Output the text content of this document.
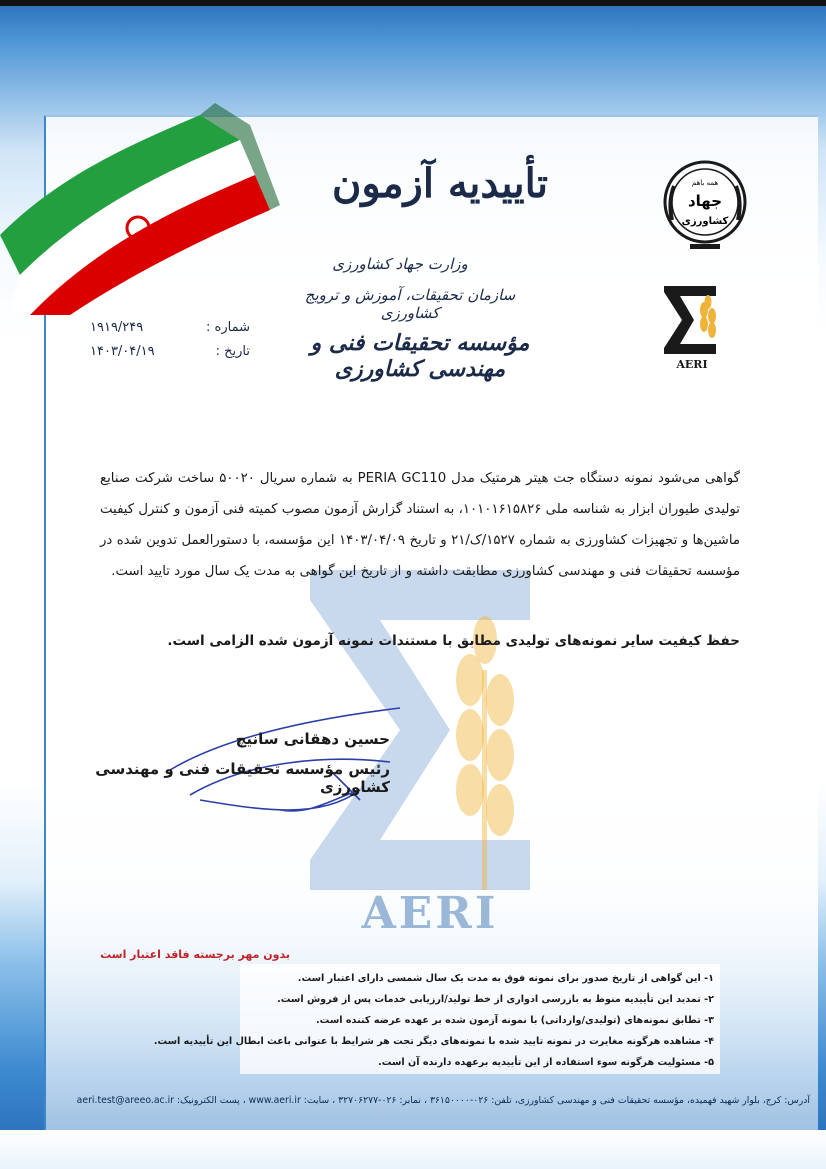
AERI
تأییدیه آزمون
وزارت جهاد کشاورزی
سازمان تحقیقات، آموزش و ترویج کشاورزی
مؤسسه تحقیقات فنی و مهندسی کشاورزی
شماره :
۱۹۱۹/۲۴۹
تاریخ :
۱۴۰۳/۰۴/۱۹
همه باهم
جهاد
کشاورزی
AERI

گواهی می‌شود نمونه دستگاه جت هیتر هرمتیک مدل PERIA GC110 به شماره سریال ۵۰۰۲۰ ساخت شرکت صنایع تولیدی طیوران ابزار به شناسه ملی ۱۰۱۰۱۶۱۵۸۲۶، به استناد گزارش آزمون مصوب کمیته فنی آزمون و کنترل کیفیت ماشین‌ها و تجهیزات کشاورزی به شماره ۱۵۲۷/ک/۲۱ و تاریخ ۱۴۰۳/۰۴/۰۹ این مؤسسه، با دستورالعمل تدوین شده در مؤسسه تحقیقات فنی و مهندسی کشاورزی مطابقت داشته و از تاریخ این گواهی به مدت یک سال مورد تایید است.

حفظ کیفیت سایر نمونه‌های تولیدی مطابق با مستندات نمونه آزمون شده الزامی است.
حسین دهقانی سانیچ
رئیس مؤسسه تحقیقات فنی و مهندسی کشاورزی
بدون مهر برجسته فاقد اعتبار است
۱- این گواهی از تاریخ صدور برای نمونه فوق به مدت یک سال شمسی دارای اعتبار است.
۲- تمدید این تأییدیه منوط به بازرسی ادواری از خط تولید/ارزیابی خدمات پس از فروش است.
۳- تطابق نمونه‌های (تولیدی/وارداتی) با نمونه آزمون شده بر عهده عرضه کننده است.
۴- مشاهده هرگونه مغایرت در نمونه تایید شده با نمونه‌های دیگر تحت هر شرایط با عنوانی باعث ابطال این تأییدیه است.
۵- مسئولیت هرگونه سوء استفاده از این تأییدیه برعهده دارنده آن است.
آدرس: کرج، بلوار شهید فهمیده، مؤسسه تحقیقات فنی و مهندسی کشاورزی، تلفن: ۰۲۶-۳۶۱۵۰۰۰۰ ، نمابر: ۰۲۶-۳۲۷۰۶۲۷۷ ، سایت: www.aeri.ir ، پست الکترونیک: aeri.test@areeo.ac.ir
